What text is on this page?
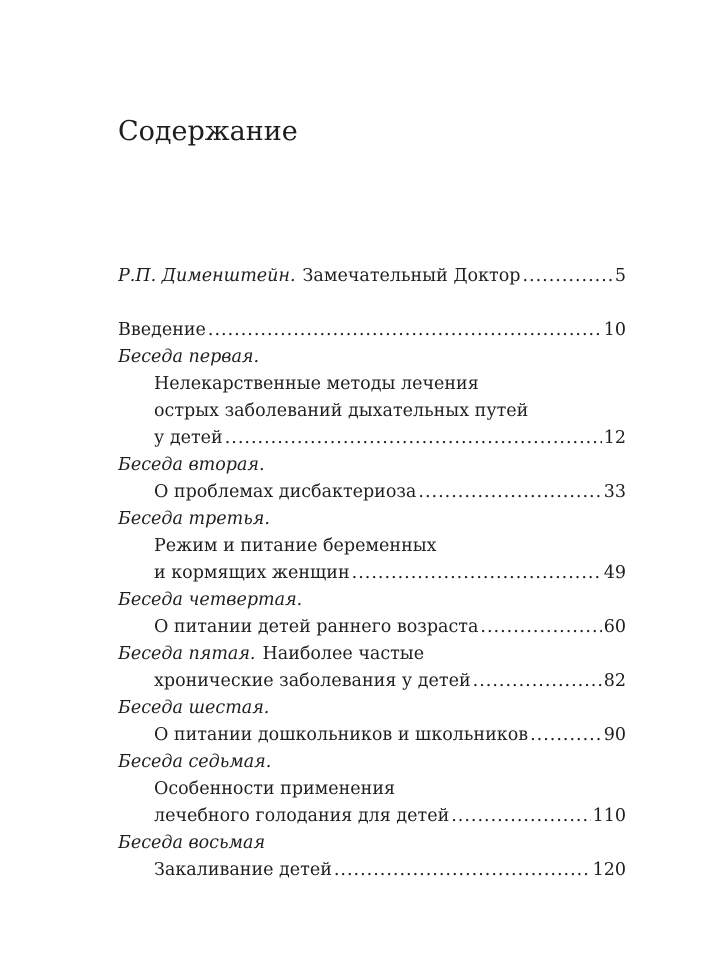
Содержание
Р.П. Дименштейн. Замечательный Доктор .....	5
Введение .....	10
Беседа первая.
Нелекарственные методы лечения
острых заболеваний дыхательных путей
у детей .....	12
Беседа вторая.
О проблемах дисбактериоза .....	33
Беседа третья.
Режим и питание беременных
и кормящих женщин .....	49
Беседа четвертая.
О питании детей раннего возраста .....	60
Беседа пятая. Наиболее частые
хронические заболевания у детей .....	82
Беседа шестая.
О питании дошкольников и школьников .....	90
Беседа седьмая.
Особенности применения
лечебного голодания для детей .....	110
Беседа восьмая
Закаливание детей .....	120
